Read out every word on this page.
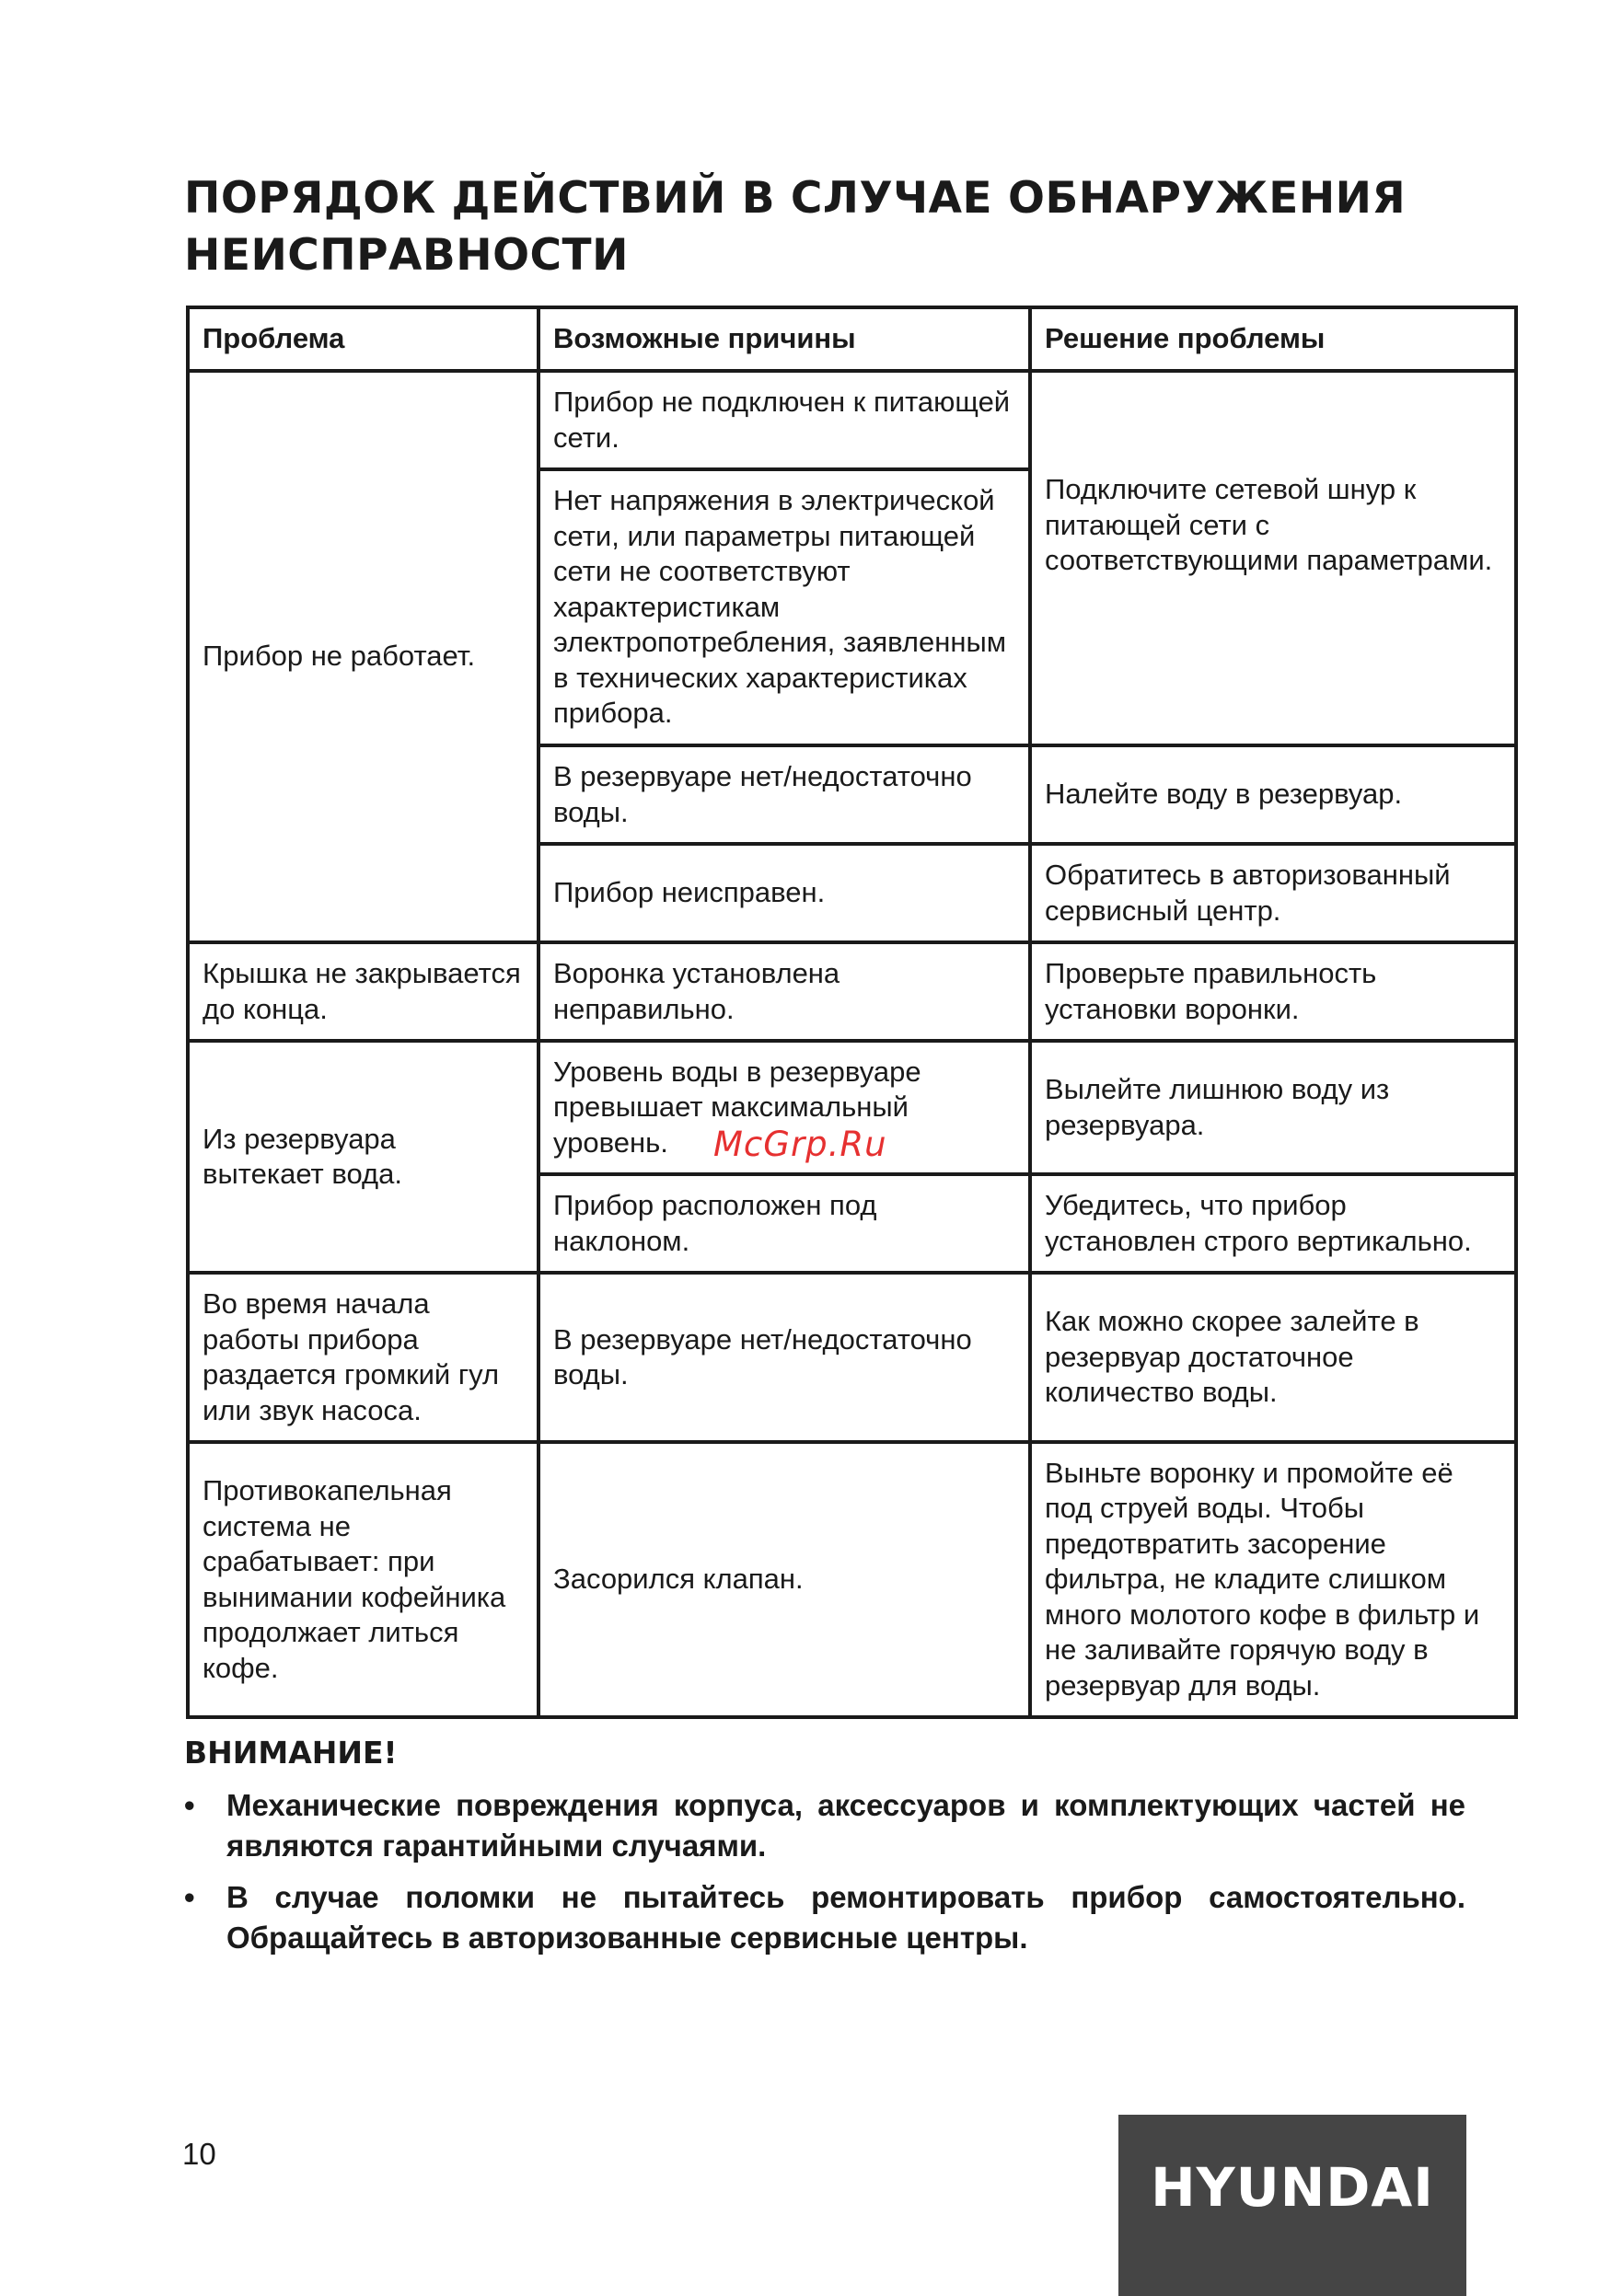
ПОРЯДОК ДЕЙСТВИЙ В СЛУЧАЕ ОБНАРУЖЕНИЯ
НЕИСПРАВНОСТИ
Проблема	Возможные причины	Решение проблемы
Прибор не работает.	Прибор не подключен к питающей сети.	Подключите сетевой шнур к питающей сети с соответствующими параметрами.
	Нет напряжения в электрической сети, или параметры питающей сети не соответствуют характеристикам электропотребления, заявленным в технических характеристиках прибора.	
	В резервуаре нет/недостаточно воды.	Налейте воду в резервуар.
	Прибор неисправен.	Обратитесь в авторизованный сервисный центр.
Крышка не закрывается до конца.	Воронка установлена неправильно.	Проверьте правильность установки воронки.
Из резервуара вытекает вода.	Уровень воды в резервуаре превышает максимальный уровень.	Вылейте лишнюю воду из резервуара.
	Прибор расположен под наклоном.	Убедитесь, что прибор установлен строго вертикально.
Во время начала работы прибора раздается громкий гул или звук насоса.	В резервуаре нет/недостаточно воды.	Как можно скорее залейте в резервуар достаточное количество воды.
Противокапельная система не срабатывает: при вынимании кофейника продолжает литься кофе.	Засорился клапан.	Выньте воронку и промойте её под струей воды. Чтобы предотвратить засорение фильтра, не кладите слишком много молотого кофе в фильтр и не заливайте горячую воду в резервуар для воды.
McGrp.Ru
ВНИМАНИЕ!
• Механические повреждения корпуса, аксессуаров и комплектующих частей не являются гарантийными случаями.
• В случае поломки не пытайтесь ремонтировать прибор самостоятельно. Обращайтесь в авторизованные сервисные центры.
10
HYUNDAI
